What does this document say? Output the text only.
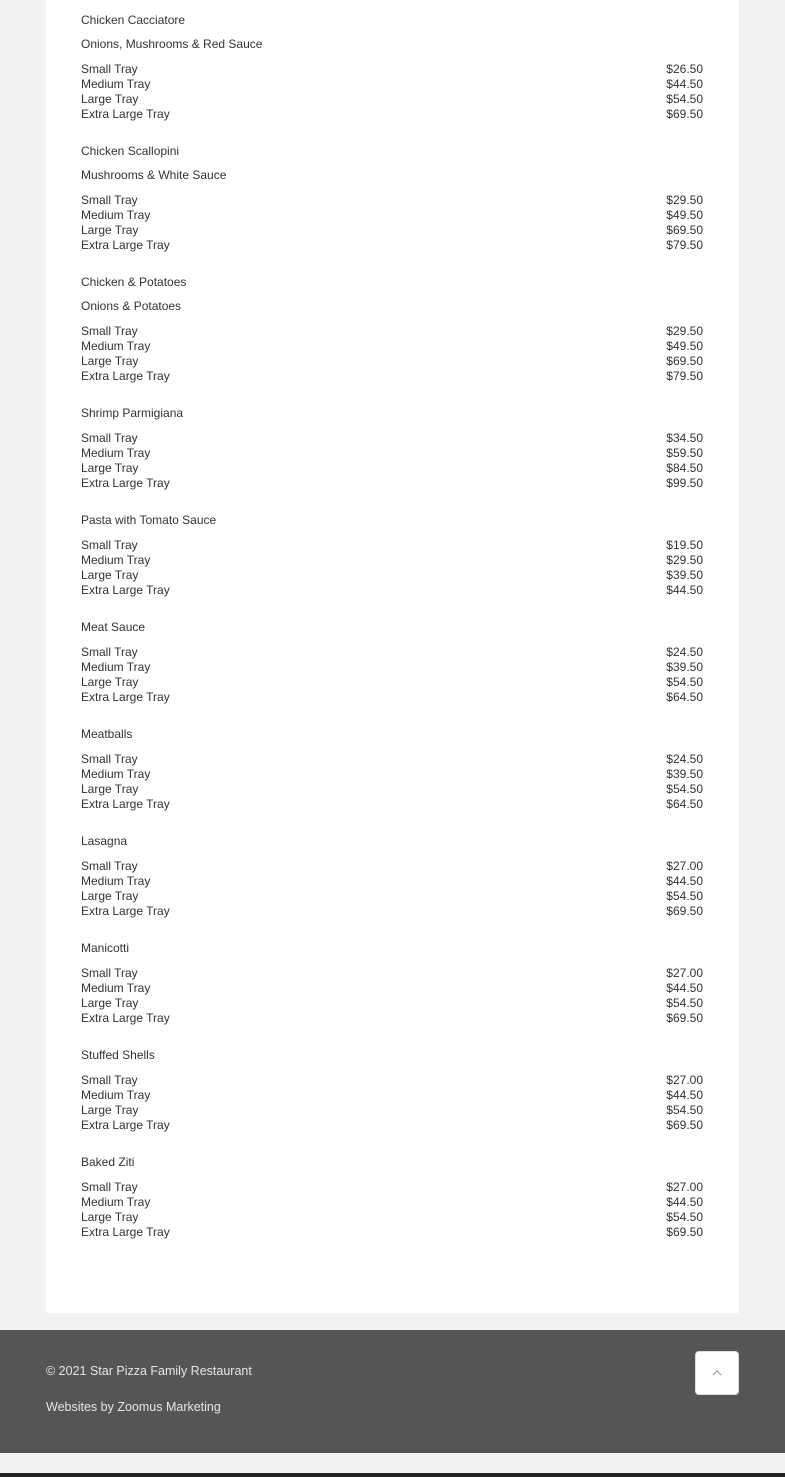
Chicken Cacciatore
Onions, Mushrooms & Red Sauce
Small Tray	$26.50
Medium Tray	$44.50
Large Tray	$54.50
Extra Large Tray	$69.50
Chicken Scallopini
Mushrooms & White Sauce
Small Tray	$29.50
Medium Tray	$49.50
Large Tray	$69.50
Extra Large Tray	$79.50
Chicken & Potatoes
Onions & Potatoes
Small Tray	$29.50
Medium Tray	$49.50
Large Tray	$69.50
Extra Large Tray	$79.50
Shrimp Parmigiana
Small Tray	$34.50
Medium Tray	$59.50
Large Tray	$84.50
Extra Large Tray	$99.50
Pasta with Tomato Sauce
Small Tray	$19.50
Medium Tray	$29.50
Large Tray	$39.50
Extra Large Tray	$44.50
Meat Sauce
Small Tray	$24.50
Medium Tray	$39.50
Large Tray	$54.50
Extra Large Tray	$64.50
Meatballs
Small Tray	$24.50
Medium Tray	$39.50
Large Tray	$54.50
Extra Large Tray	$64.50
Lasagna
Small Tray	$27.00
Medium Tray	$44.50
Large Tray	$54.50
Extra Large Tray	$69.50
Manicotti
Small Tray	$27.00
Medium Tray	$44.50
Large Tray	$54.50
Extra Large Tray	$69.50
Stuffed Shells
Small Tray	$27.00
Medium Tray	$44.50
Large Tray	$54.50
Extra Large Tray	$69.50
Baked Ziti
Small Tray	$27.00
Medium Tray	$44.50
Large Tray	$54.50
Extra Large Tray	$69.50
© 2021 Star Pizza Family Restaurant
Websites by Zoomus Marketing
